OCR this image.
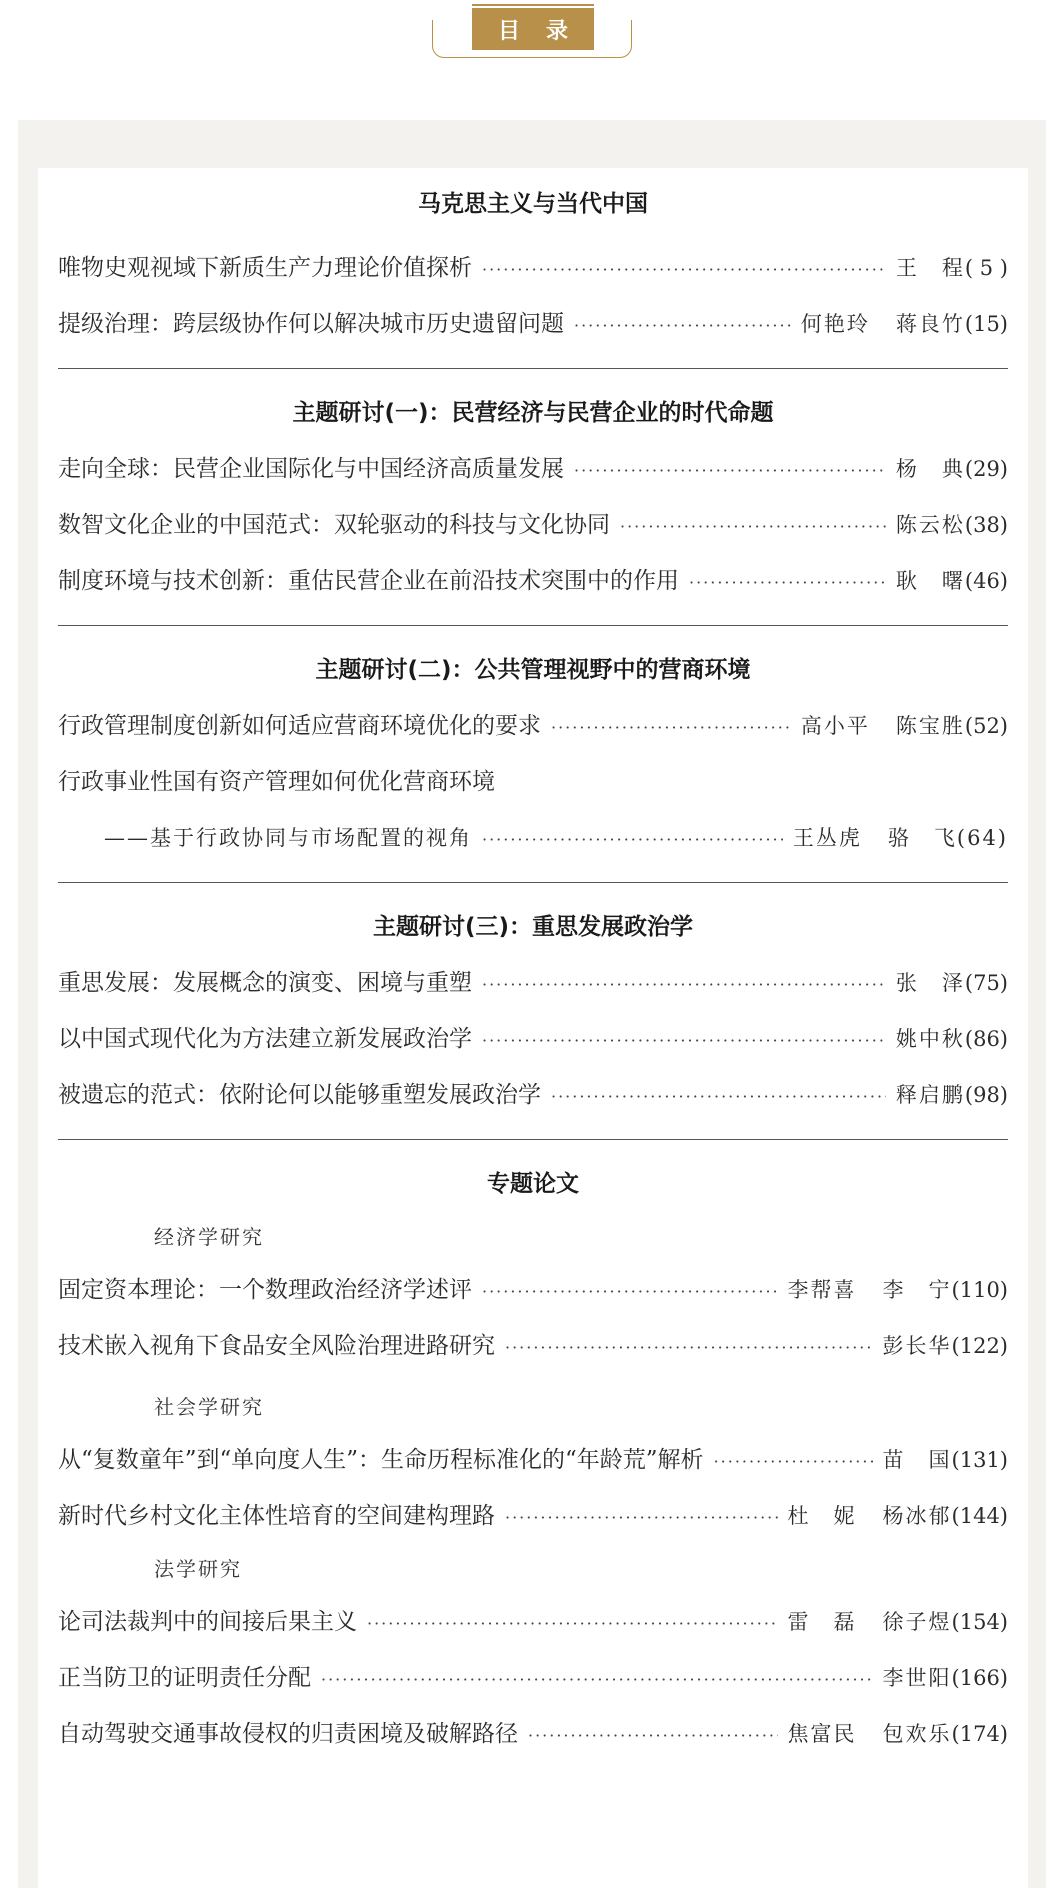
目录
马克思主义与当代中国
唯物史观视域下新质生产力理论价值探析 ·····	王　程 ( 5 )
提级治理：跨层级协作何以解决城市历史遗留问题 ·····	何艳玲 蒋良竹 (15)
主题研讨(一)：民营经济与民营企业的时代命题
走向全球：民营企业国际化与中国经济高质量发展 ·····	杨　典 (29)
数智文化企业的中国范式：双轮驱动的科技与文化协同 ·····	陈云松 (38)
制度环境与技术创新：重估民营企业在前沿技术突围中的作用 ·····	耿　曙 (46)
主题研讨(二)：公共管理视野中的营商环境
行政管理制度创新如何适应营商环境优化的要求 ·····	高小平 陈宝胜 (52)
行政事业性国有资产管理如何优化营商环境
——基于行政协同与市场配置的视角 ·····	王丛虎 骆　飞 (64)
主题研讨(三)：重思发展政治学
重思发展：发展概念的演变、困境与重塑 ·····	张　泽 (75)
以中国式现代化为方法建立新发展政治学 ·····	姚中秋 (86)
被遗忘的范式：依附论何以能够重塑发展政治学 ·····	释启鹏 (98)
专题论文
经济学研究
固定资本理论：一个数理政治经济学述评 ·····	李帮喜 李　宁 (110)
技术嵌入视角下食品安全风险治理进路研究 ·····	彭长华 (122)
社会学研究
从“复数童年”到“单向度人生”：生命历程标准化的“年龄荒”解析 ·····	苗　国 (131)
新时代乡村文化主体性培育的空间建构理路 ·····	杜　妮 杨冰郁 (144)
法学研究
论司法裁判中的间接后果主义 ·····	雷　磊 徐子煜 (154)
正当防卫的证明责任分配 ·····	李世阳 (166)
自动驾驶交通事故侵权的归责困境及破解路径 ·····	焦富民 包欢乐 (174)
